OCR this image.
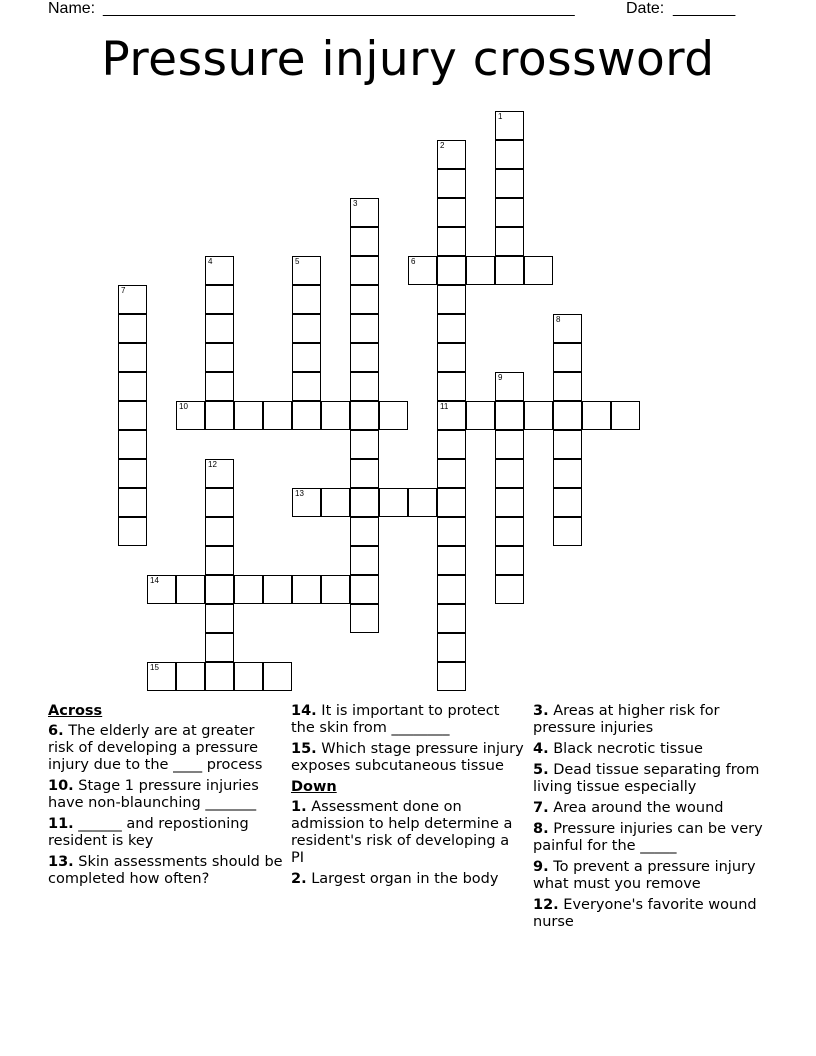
Name: _____________________________________________________	Date: _______
Pressure injury crossword
1
2
11
3
4	5	6
7
8
9
10
12
13
14
15
Across
6. The elderly are at greater risk of developing a pressure injury due to the ____ process
10. Stage 1 pressure injuries have non-blaunching _______
11. ______ and repostioning resident is key
13. Skin assessments should be completed how often?
14. It is important to protect the skin from ________
15. Which stage pressure injury exposes subcutaneous tissue
Down
1. Assessment done on admission to help determine a resident's risk of developing a PI
2. Largest organ in the body
3. Areas at higher risk for pressure injuries
4. Black necrotic tissue
5. Dead tissue separating from living tissue especially
7. Area around the wound
8. Pressure injuries can be very painful for the _____
9. To prevent a pressure injury what must you remove
12. Everyone's favorite wound nurse
